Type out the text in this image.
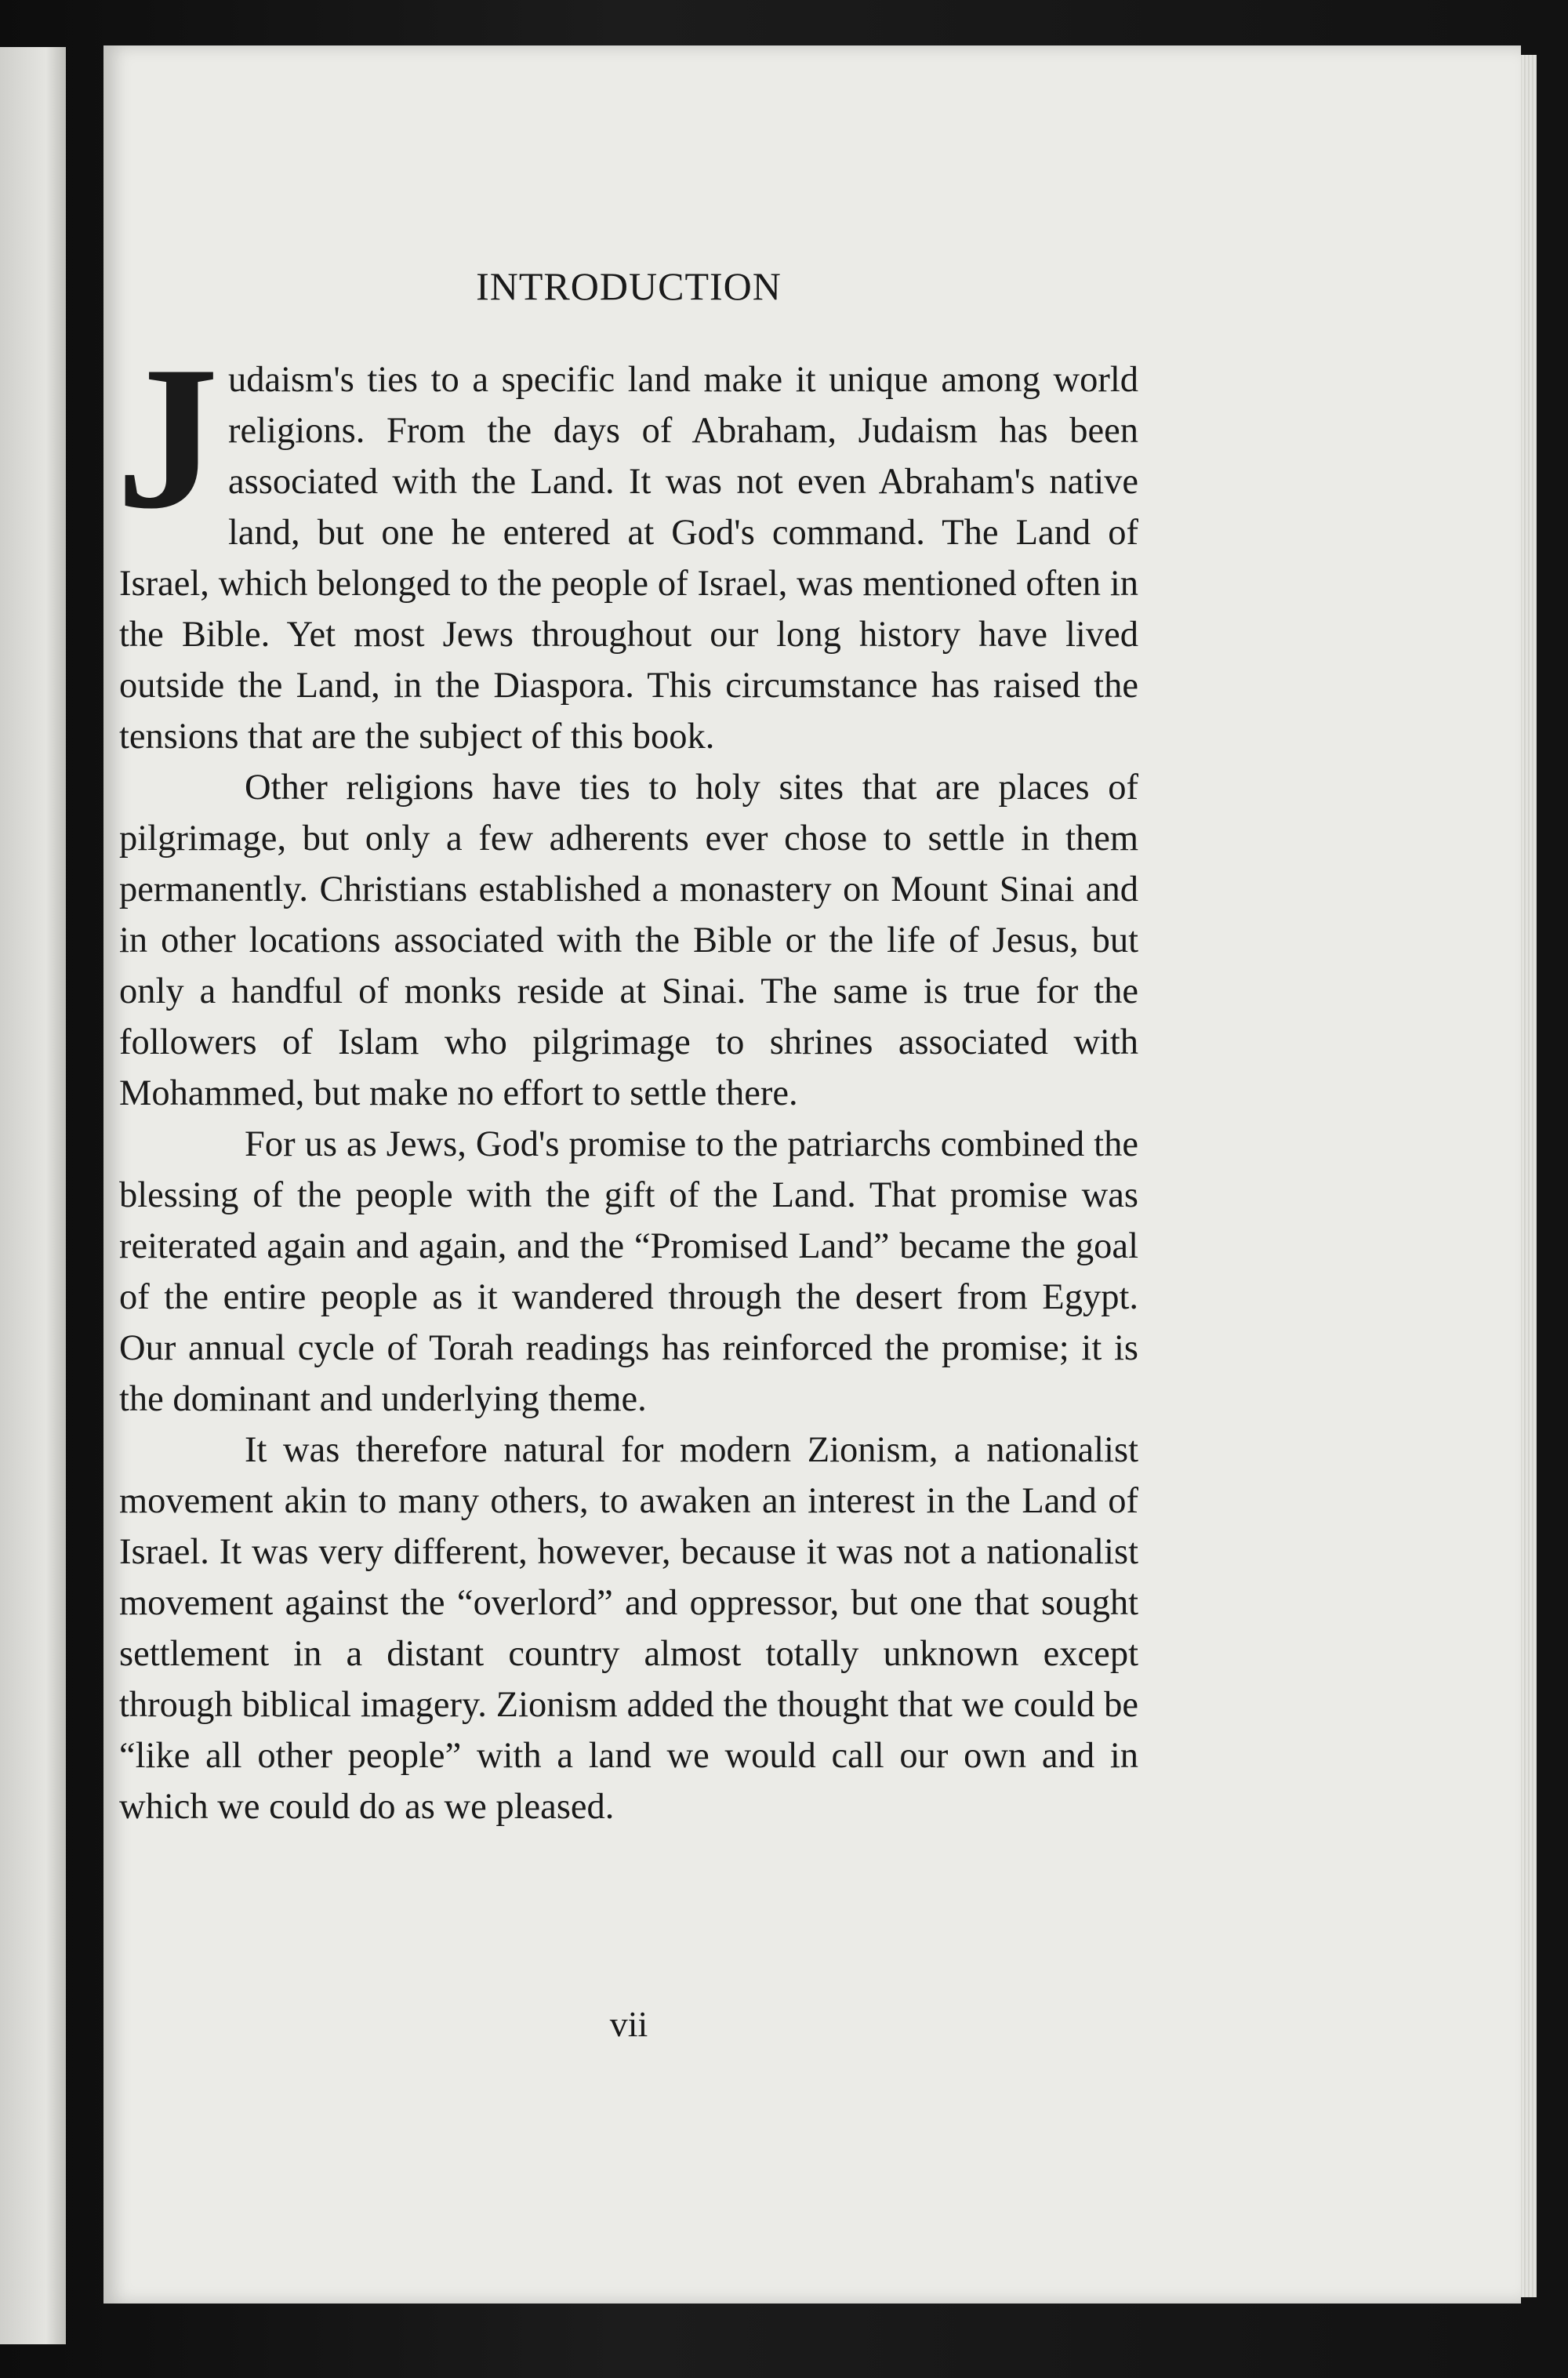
INTRODUCTION

Judaism's ties to a specific land make it unique among world religions. From the days of Abraham, Judaism has been associated with the Land. It was not even Abraham's native land, but one he entered at God's command. The Land of Israel, which belonged to the people of Israel, was mentioned often in the Bible. Yet most Jews throughout our long history have lived outside the Land, in the Diaspora. This circumstance has raised the tensions that are the subject of this book.

Other religions have ties to holy sites that are places of pilgrimage, but only a few adherents ever chose to settle in them permanently. Christians established a monastery on Mount Sinai and in other locations associated with the Bible or the life of Jesus, but only a handful of monks reside at Sinai. The same is true for the followers of Islam who pilgrimage to shrines associated with Mohammed, but make no effort to settle there.

For us as Jews, God's promise to the patriarchs combined the blessing of the people with the gift of the Land. That promise was reiterated again and again, and the “Promised Land” became the goal of the entire people as it wandered through the desert from Egypt. Our annual cycle of Torah readings has reinforced the promise; it is the dominant and underlying theme.

It was therefore natural for modern Zionism, a nationalist movement akin to many others, to awaken an interest in the Land of Israel. It was very different, however, because it was not a nationalist movement against the “overlord” and oppressor, but one that sought settlement in a distant country almost totally unknown except through biblical imagery. Zionism added the thought that we could be “like all other people” with a land we would call our own and in which we could do as we pleased.

vii
